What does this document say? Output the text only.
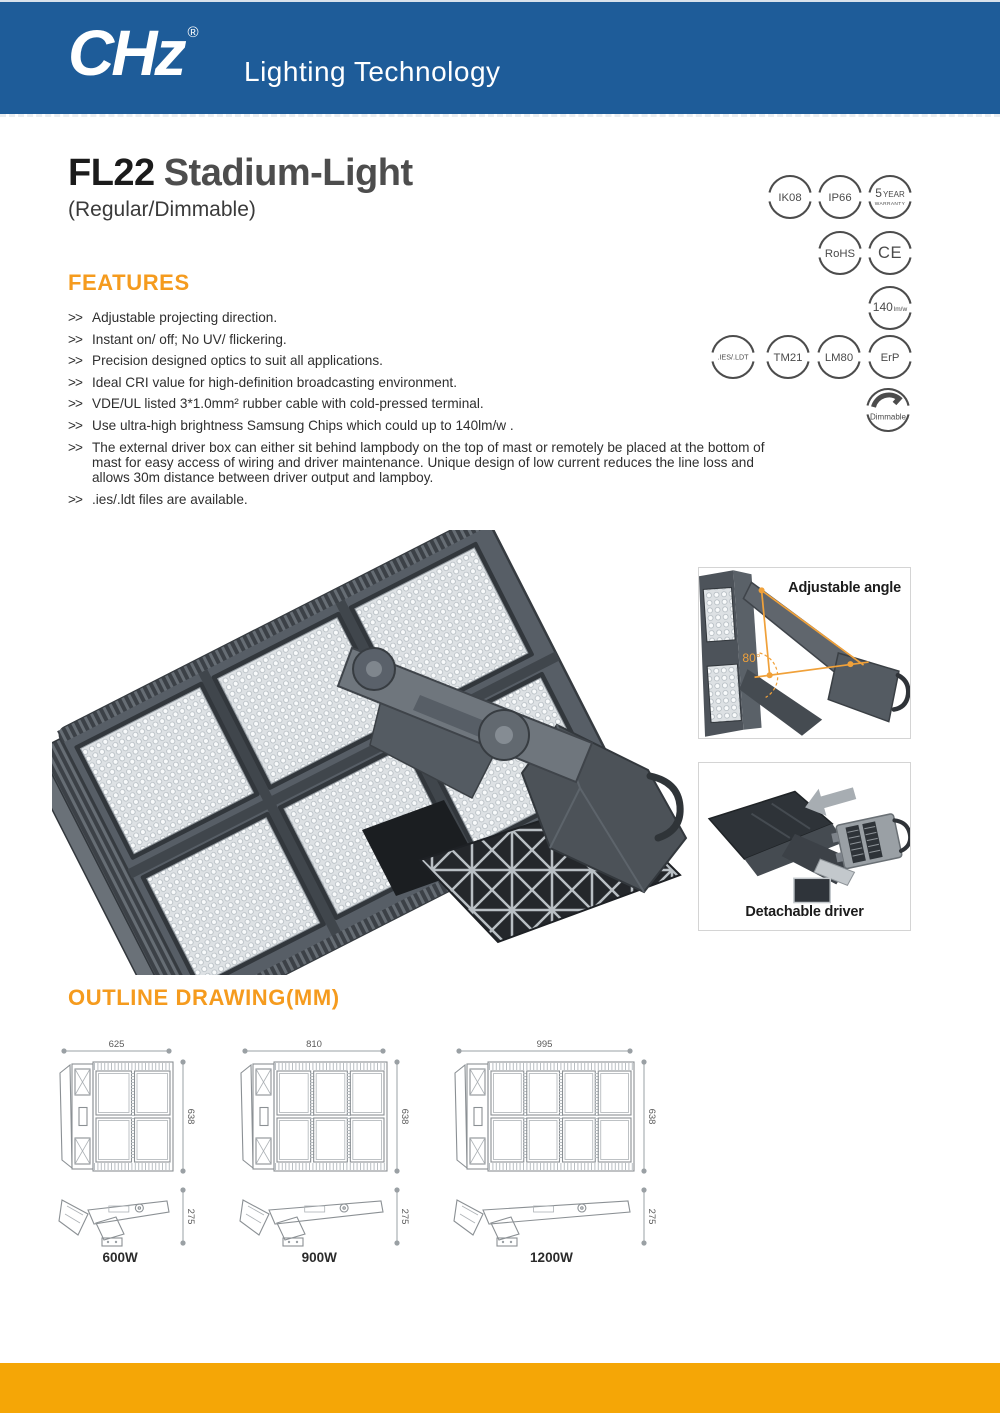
CHz ®
Lighting Technology
FL22 Stadium-Light
(Regular/Dimmable)	IK08 IP66 5YEAR
WARRANTY
RoHS CE
140lm/w
.IES/.LDT TM21 LM80 ErP
Dimmable
FEATURES
>> Adjustable projecting direction.
>> Instant on/ off; No UV/ flickering.
>> Precision designed optics to suit all applications.
>> Ideal CRI value for high-definition broadcasting environment.
>> VDE/UL listed 3*1.0mm² rubber cable with cold-pressed terminal.
>> Use ultra-high brightness Samsung Chips which could up to 140lm/w .
>> The external driver box can either sit behind lampbody on the top of mast or remotely be placed at the bottom of mast for easy access of wiring and driver maintenance. Unique design of low current reduces the line loss and allows 30m distance between driver output and lampboy.
>> .ies/.ldt files are available.
80°
Adjustable angle
Detachable driver
OUTLINE DRAWING(MM)
625
638
275
600W
810
638
275
900W
995
638
275
1200W
